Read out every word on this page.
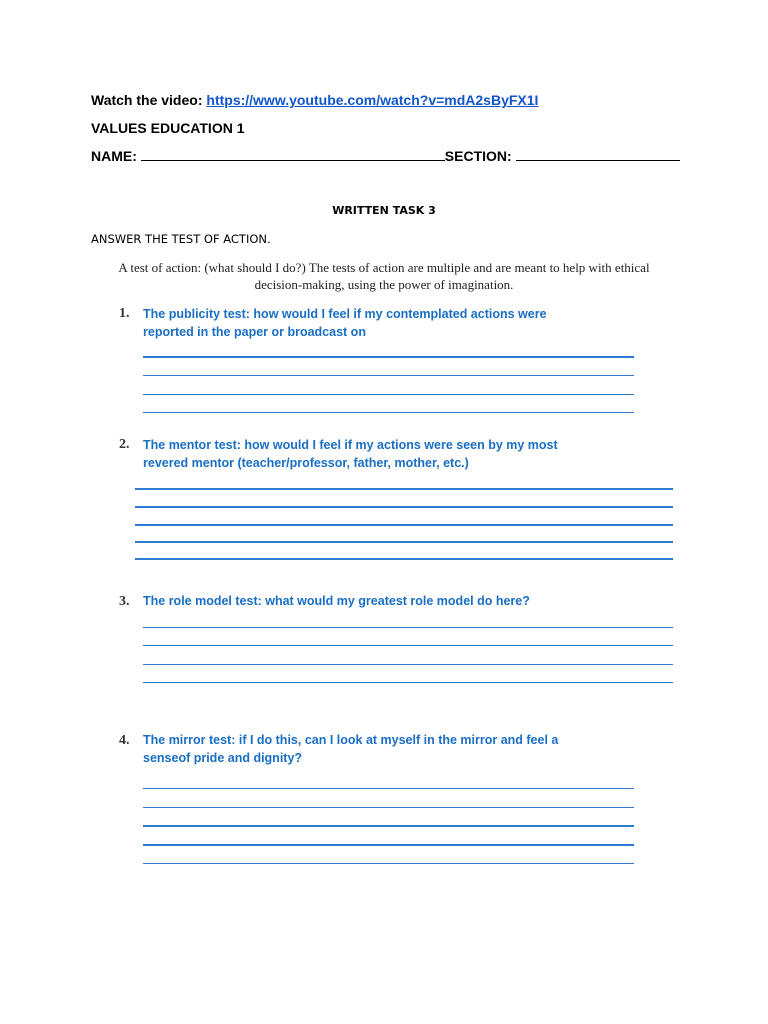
Watch the video: https://www.youtube.com/watch?v=mdA2sByFX1I
VALUES EDUCATION 1
NAME:	SECTION:
WRITTEN TASK 3
ANSWER THE TEST OF ACTION.
A test of action: (what should I do?) The tests of action are multiple and are meant to help with ethical
decision-making, using the power of imagination.
1. The publicity test: how would I feel if my contemplated actions were
reported in the paper or broadcast on
2. The mentor test: how would I feel if my actions were seen by my most
revered mentor (teacher/professor, father, mother, etc.)
3. The role model test: what would my greatest role model do here?
4. The mirror test: if I do this, can I look at myself in the mirror and feel a
senseof pride and dignity?
